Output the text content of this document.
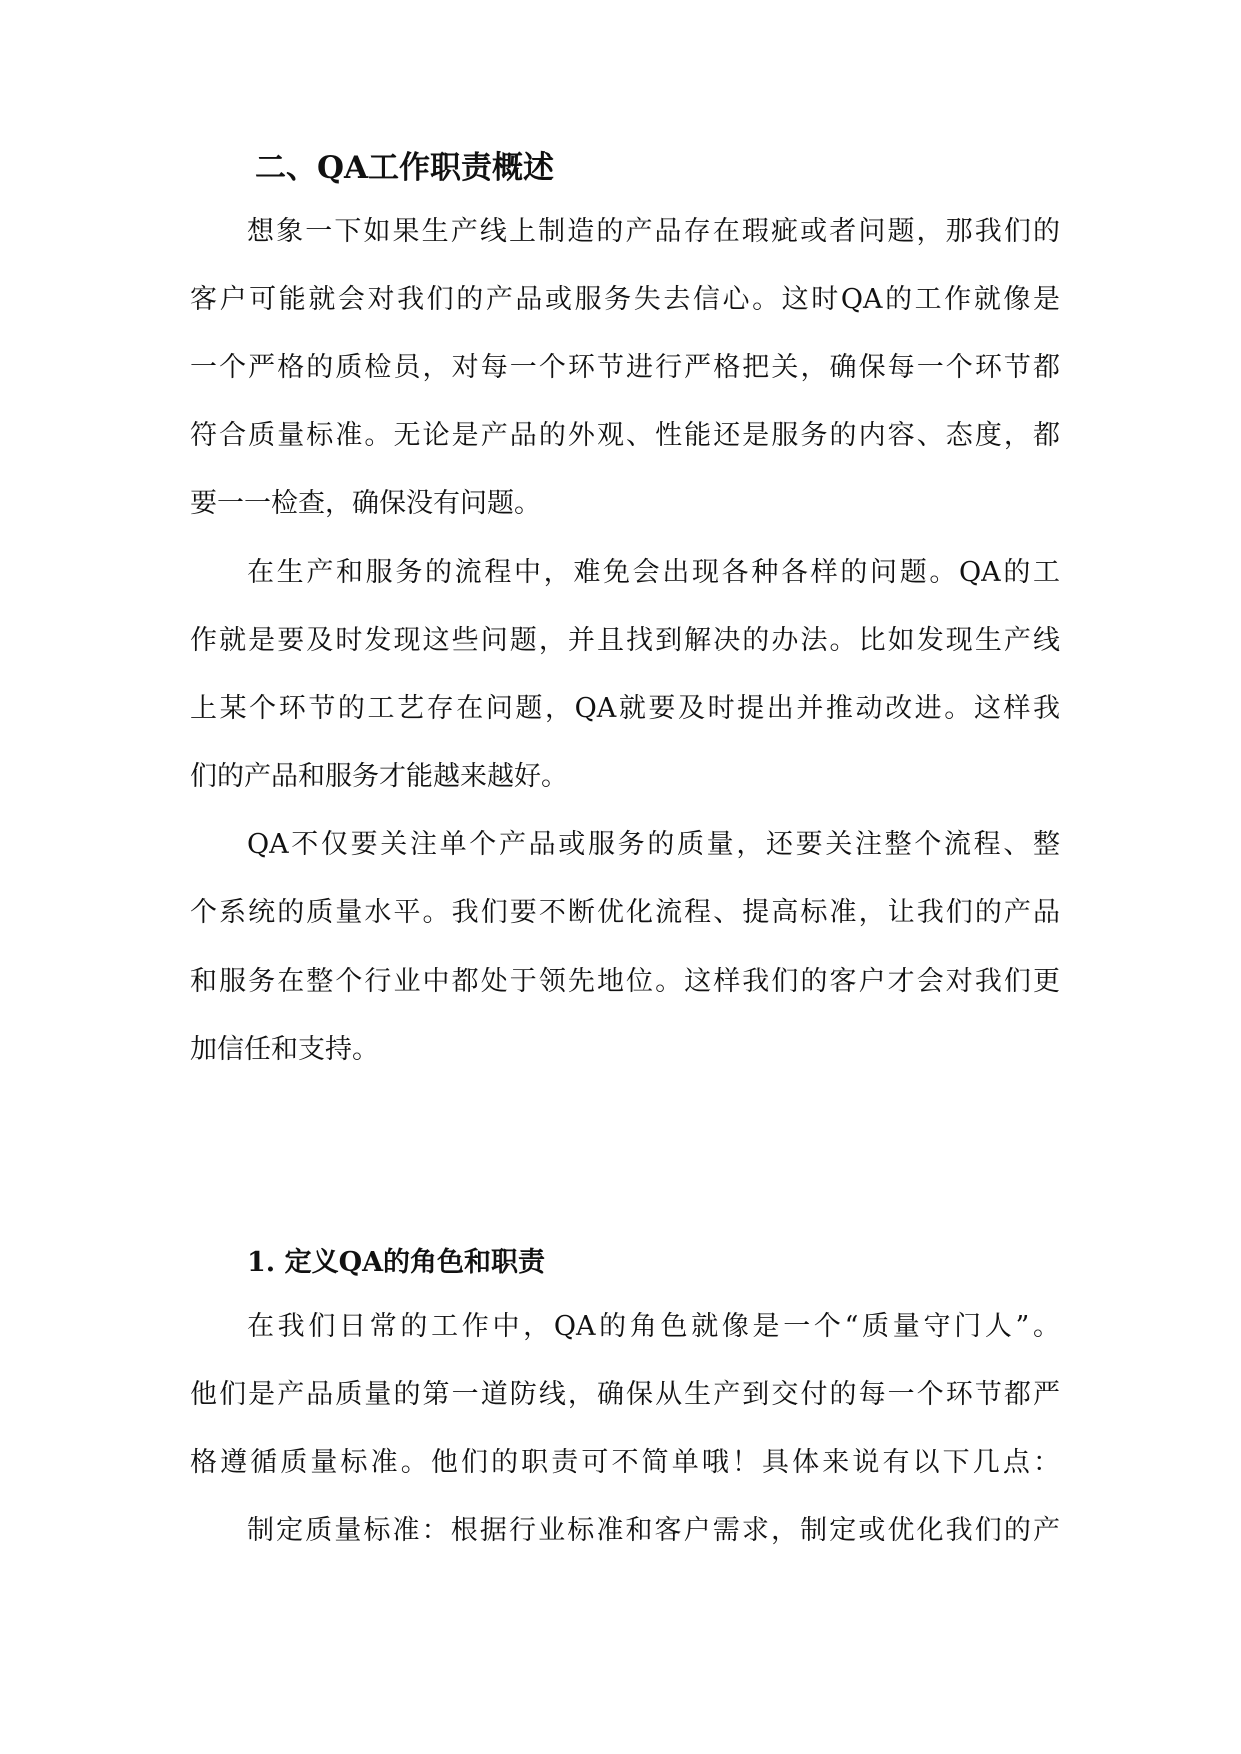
二、QA工作职责概述
想象一下如果生产线上制造的产品存在瑕疵或者问题，那我们的
客户可能就会对我们的产品或服务失去信心。这时QA的工作就像是
一个严格的质检员，对每一个环节进行严格把关，确保每一个环节都
符合质量标准。无论是产品的外观、性能还是服务的内容、态度，都
要一一检查，确保没有问题。
在生产和服务的流程中，难免会出现各种各样的问题。QA的工
作就是要及时发现这些问题，并且找到解决的办法。比如发现生产线
上某个环节的工艺存在问题，QA就要及时提出并推动改进。这样我
们的产品和服务才能越来越好。
QA不仅要关注单个产品或服务的质量，还要关注整个流程、整
个系统的质量水平。我们要不断优化流程、提高标准，让我们的产品
和服务在整个行业中都处于领先地位。这样我们的客户才会对我们更
加信任和支持。
1. 定义QA的角色和职责
在我们日常的工作中，QA的角色就像是一个“质量守门人”。
他们是产品质量的第一道防线，确保从生产到交付的每一个环节都严
格遵循质量标准。他们的职责可不简单哦！具体来说有以下几点：
制定质量标准：根据行业标准和客户需求，制定或优化我们的产
